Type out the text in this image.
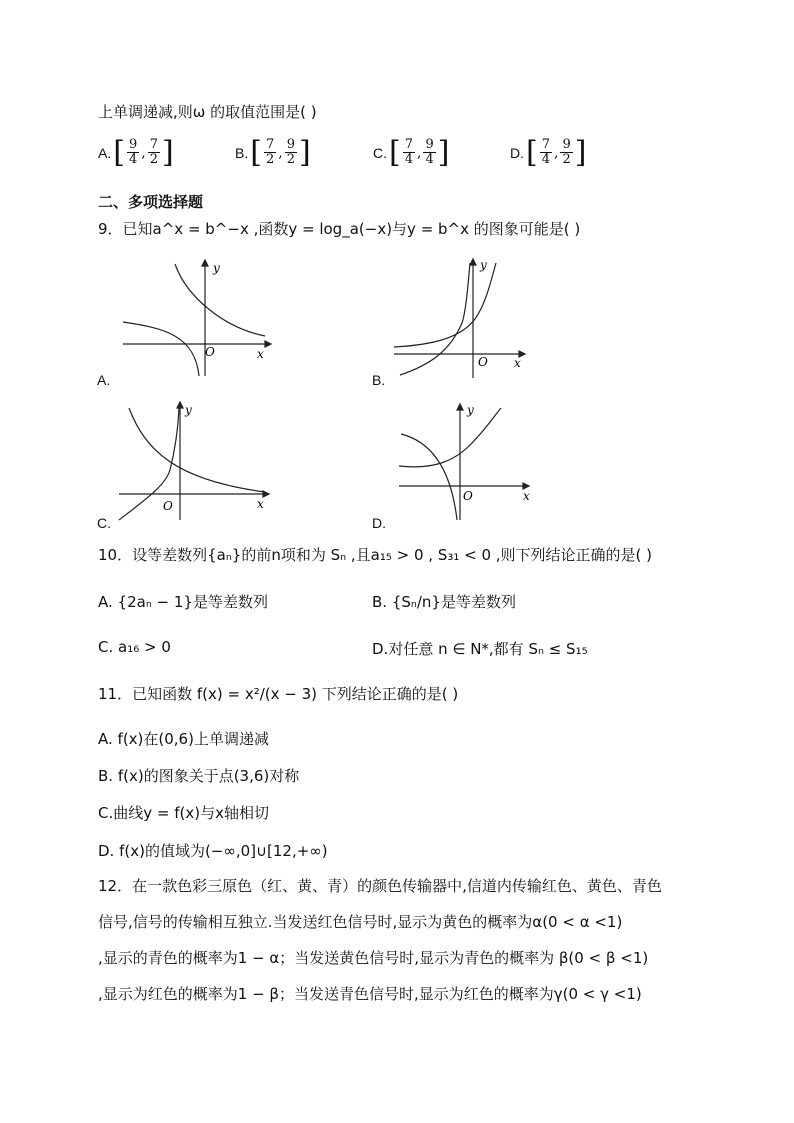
上单调递减,则ω 的取值范围是( )
A. [ $\frac{9}{4}$ , $\frac{7}{2}$ ]	B. [ $\frac{7}{2}$ , $\frac{9}{2}$ ]	C. [ $\frac{7}{4}$ , $\frac{9}{4}$ ]	D. [ $\frac{7}{4}$ , $\frac{9}{2}$ ]
二、多项选择题
9．已知a^x = b^−x ,函数y = log_a(−x)与y = b^x 的图象可能是( )
x
y
O
A.
x
y
O
B.
x
y
O
C.
x
y
O
D.
10．设等差数列{aₙ}的前n项和为 Sₙ ,且a₁₅ > 0 , S₃₁ < 0 ,则下列结论正确的是( )
A. {2aₙ − 1}是等差数列	B. {Sₙ/n}是等差数列
C. a₁₆ > 0	D.对任意 n ∈ N*,都有 Sₙ ≤ S₁₅
11．已知函数 f(x) = x²/(x − 3) 下列结论正确的是( )
A. f(x)在(0,6)上单调递减
B. f(x)的图象关于点(3,6)对称
C.曲线y = f(x)与x轴相切
D. f(x)的值域为(−∞,0]∪[12,+∞)
12．在一款色彩三原色（红、黄、青）的颜色传输器中,信道内传输红色、黄色、青色
信号,信号的传输相互独立.当发送红色信号时,显示为黄色的概率为α(0 < α <1)
,显示的青色的概率为1 − α；当发送黄色信号时,显示为青色的概率为 β(0 < β <1)
,显示为红色的概率为1 − β；当发送青色信号时,显示为红色的概率为γ(0 < γ <1)
